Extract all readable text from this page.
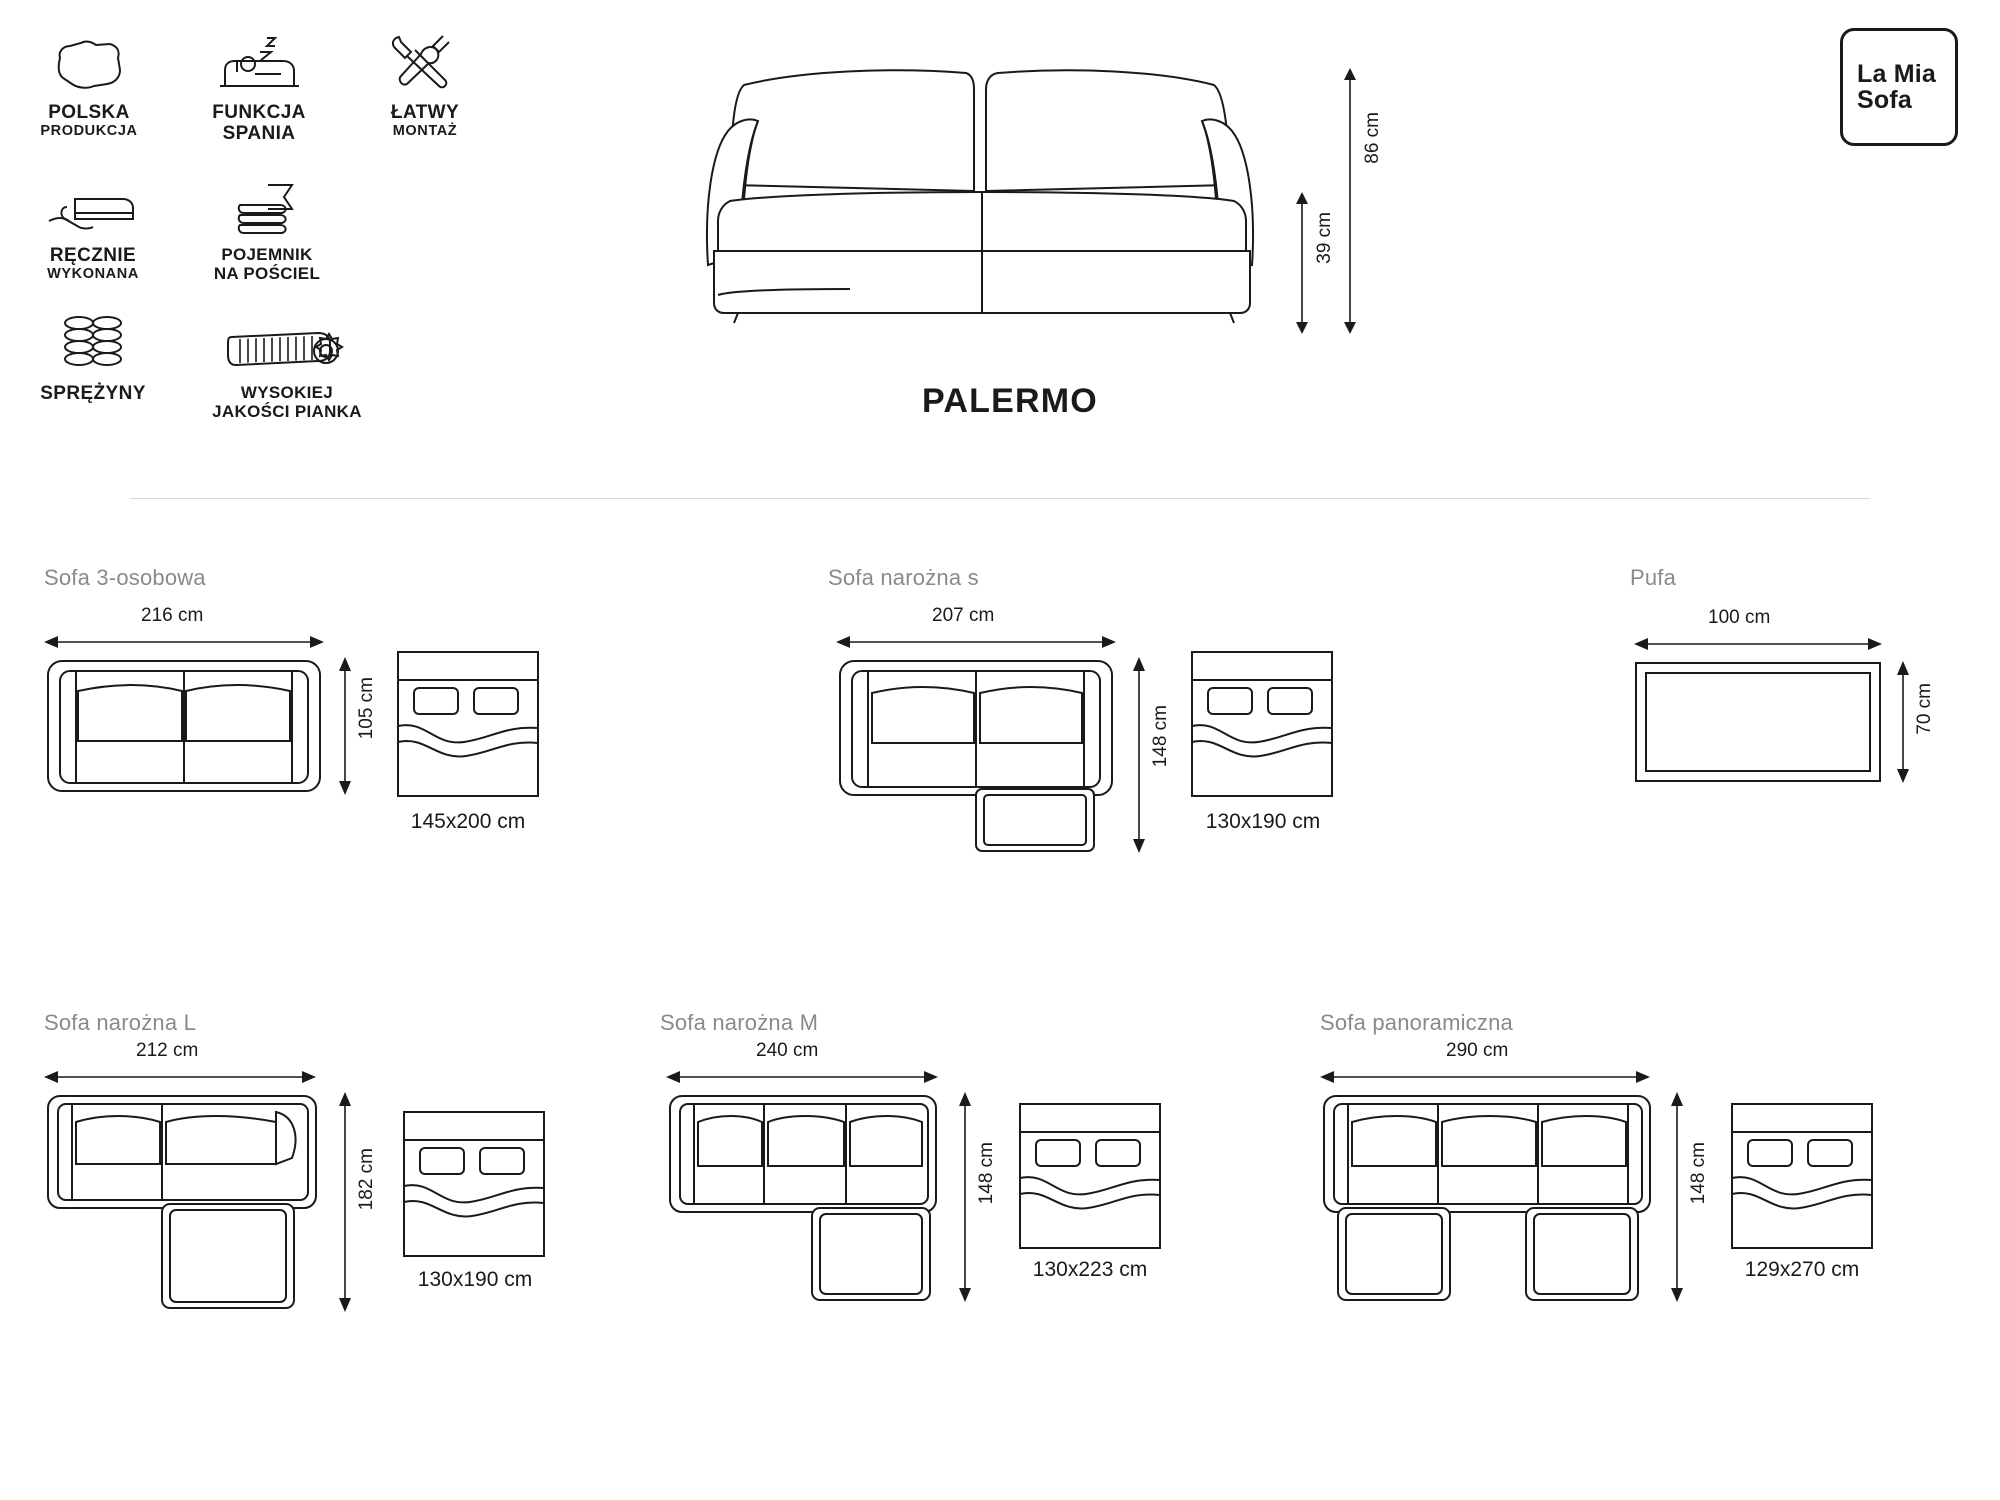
POLSKA
PRODUKCJA
FUNKCJA
SPANIA
ŁATWY
MONTAŻ
RĘCZNIE
WYKONANA
POJEMNIK
NA POŚCIEL
SPRĘŻYNY	WYSOKIEJ
JAKOŚCI PIANKA
La Mia
Sofa
86 cm
39 cm
PALERMO
Sofa 3-osobowa
216 cm
105 cm
145x200 cm
Sofa narożna s
207 cm
148 cm
130x190 cm
Pufa
100 cm
70 cm
Sofa narożna L
212 cm
182 cm
130x190 cm
Sofa narożna M
240 cm
148 cm
130x223 cm
Sofa panoramiczna
290 cm
148 cm
129x270 cm
